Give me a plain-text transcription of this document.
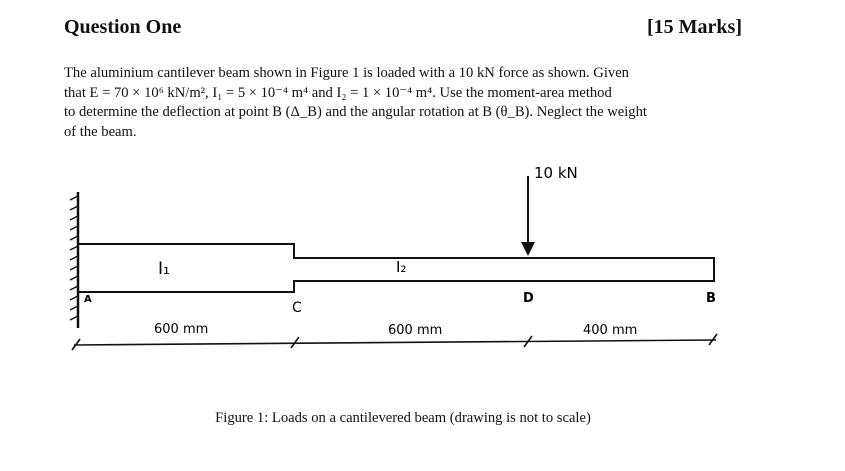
Question One	[15 Marks]

The aluminium cantilever beam shown in Figure 1 is loaded with a 10 kN force as shown. Given

that E = 70 × 10⁶ kN/m², I₁ = 5 × 10⁻⁴ m⁴ and I₂ = 1 × 10⁻⁴ m⁴. Use the moment-area method

to determine the deflection at point B (Δ_B) and the angular rotation at B (θ_B). Neglect the weight

of the beam.

10 kN
I₁	I₂
A
C
D	B
600 mm	600 mm	400 mm
Figure 1: Loads on a cantilevered beam (drawing is not to scale)
